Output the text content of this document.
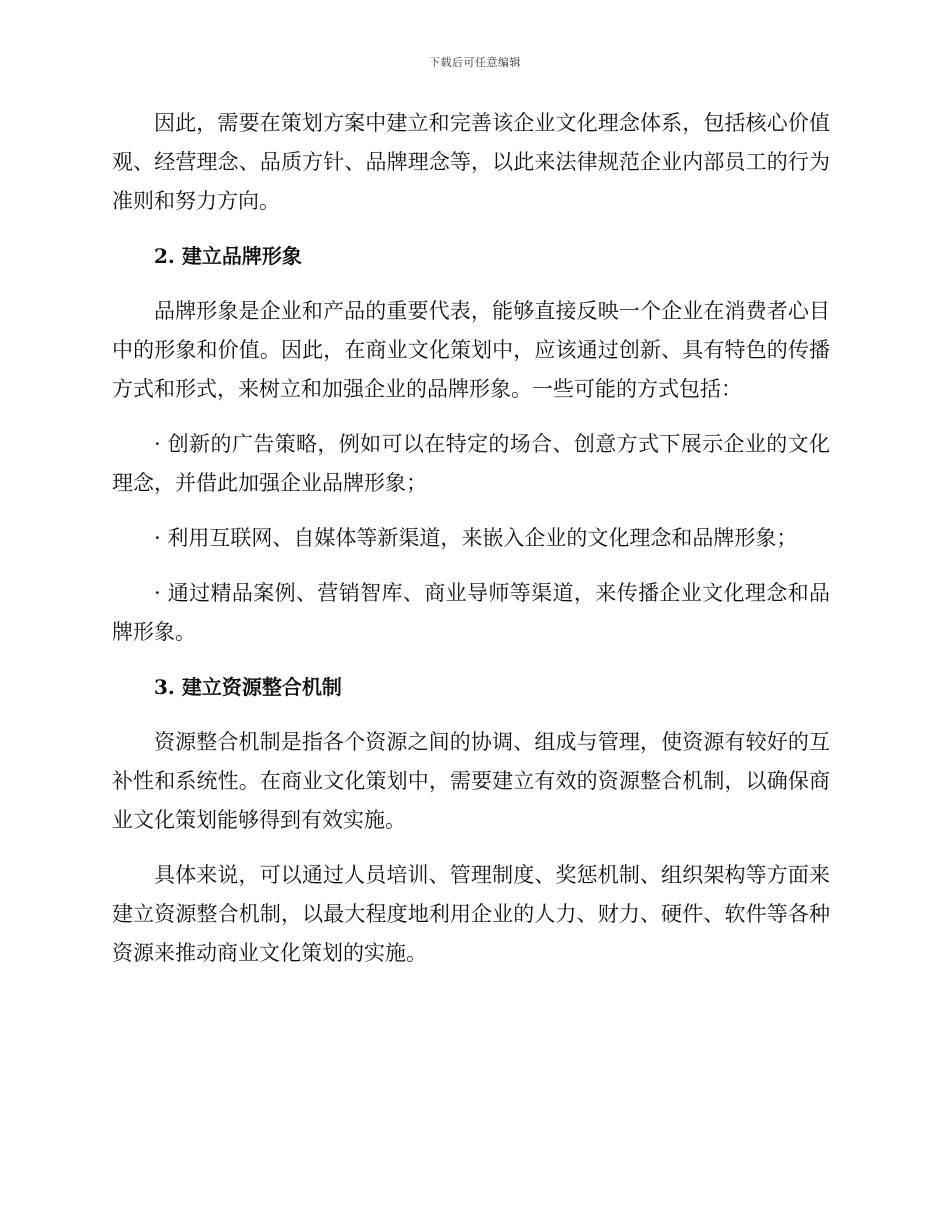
下载后可任意编辑

因此，需要在策划方案中建立和完善该企业文化理念体系，包括核心价值观、经营理念、品质方针、品牌理念等，以此来法律规范企业内部员工的行为准则和努力方向。

2. 建立品牌形象

品牌形象是企业和产品的重要代表，能够直接反映一个企业在消费者心目中的形象和价值。因此，在商业文化策划中，应该通过创新、具有特色的传播方式和形式，来树立和加强企业的品牌形象。一些可能的方式包括：

· 创新的广告策略，例如可以在特定的场合、创意方式下展示企业的文化理念，并借此加强企业品牌形象；

· 利用互联网、自媒体等新渠道，来嵌入企业的文化理念和品牌形象；

· 通过精品案例、营销智库、商业导师等渠道，来传播企业文化理念和品牌形象。

3. 建立资源整合机制

资源整合机制是指各个资源之间的协调、组成与管理，使资源有较好的互补性和系统性。在商业文化策划中，需要建立有效的资源整合机制，以确保商业文化策划能够得到有效实施。

具体来说，可以通过人员培训、管理制度、奖惩机制、组织架构等方面来建立资源整合机制，以最大程度地利用企业的人力、财力、硬件、软件等各种资源来推动商业文化策划的实施。
